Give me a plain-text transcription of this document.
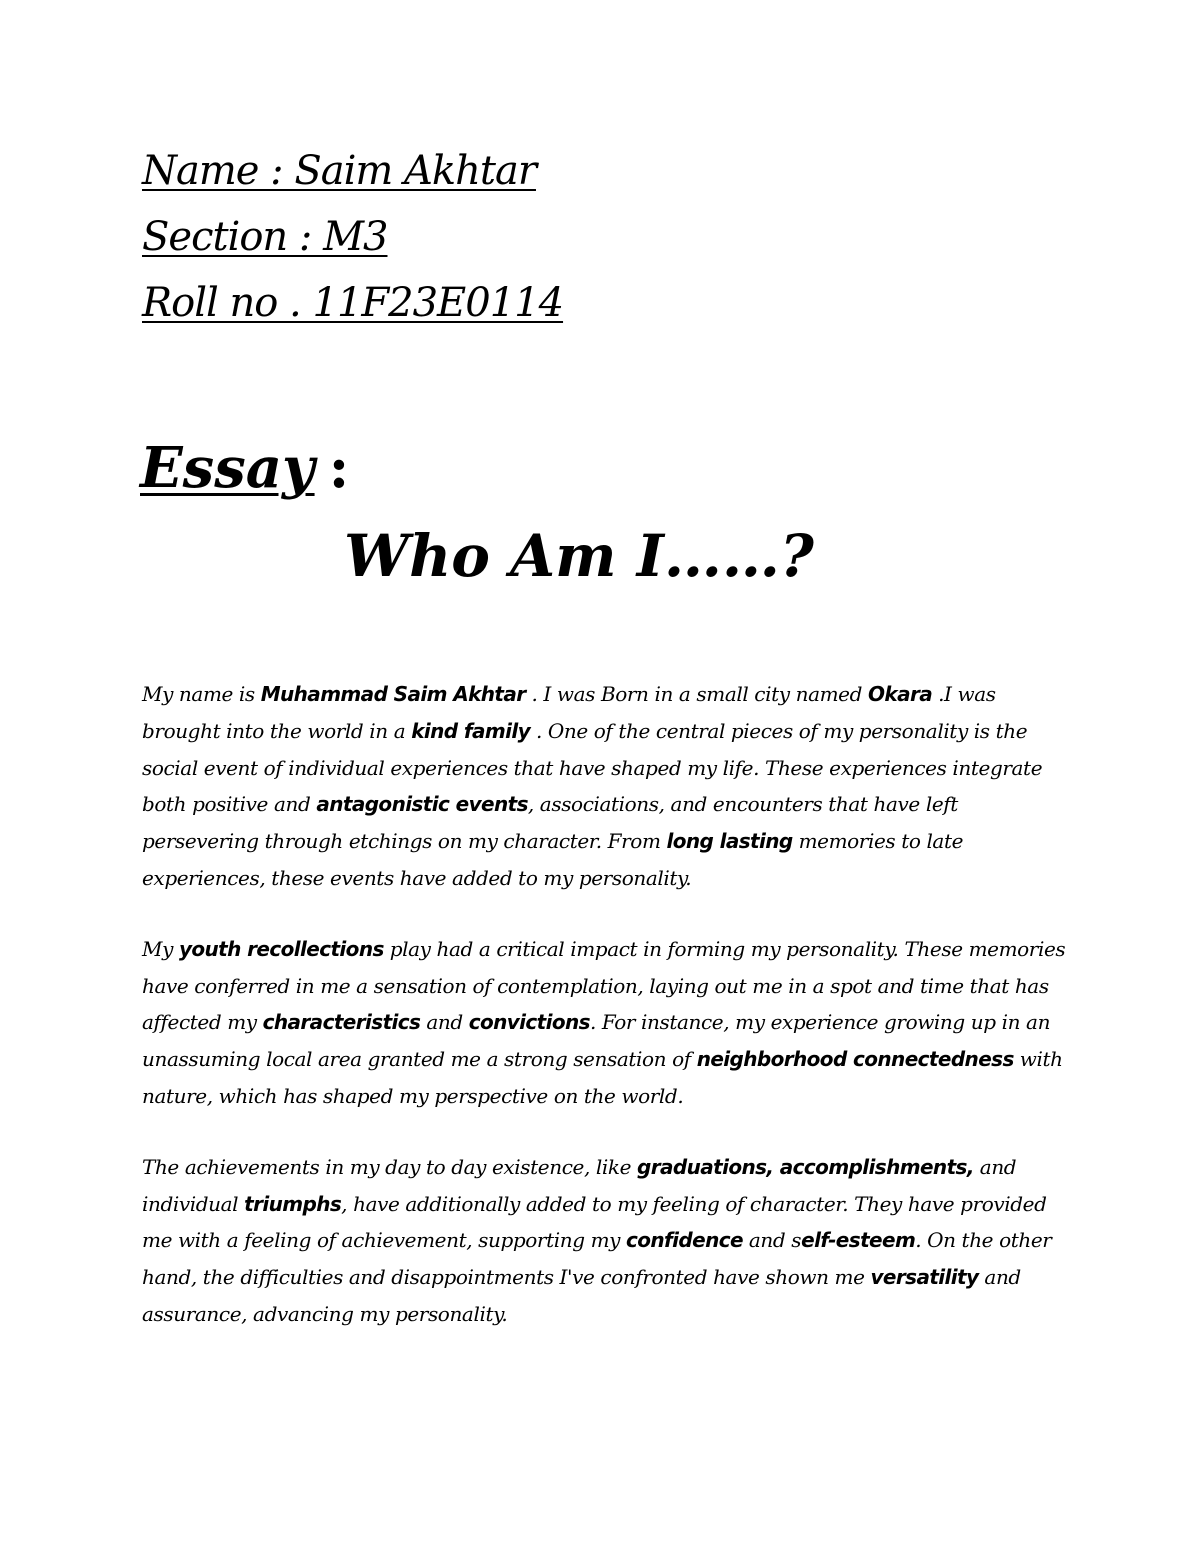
Name : Saim Akhtar
Section : M3
Roll no . 11F23E0114
Essay :
Who Am I……?

My name is Muhammad Saim Akhtar . I was Born in a small city named Okara .I was brought into the world in a kind family . One of the central pieces of my personality is the social event of individual experiences that have shaped my life. These experiences integrate both positive and antagonistic events, associations, and encounters that have left persevering through etchings on my character. From long lasting memories to late experiences, these events have added to my personality.

My youth recollections play had a critical impact in forming my personality. These memories have conferred in me a sensation of contemplation, laying out me in a spot and time that has affected my characteristics and convictions. For instance, my experience growing up in an unassuming local area granted me a strong sensation of neighborhood connectedness with nature, which has shaped my perspective on the world.

The achievements in my day to day existence, like graduations, accomplishments, and individual triumphs, have additionally added to my feeling of character. They have provided me with a feeling of achievement, supporting my confidence and self-esteem. On the other hand, the difficulties and disappointments I've confronted have shown me versatility and assurance, advancing my personality.
